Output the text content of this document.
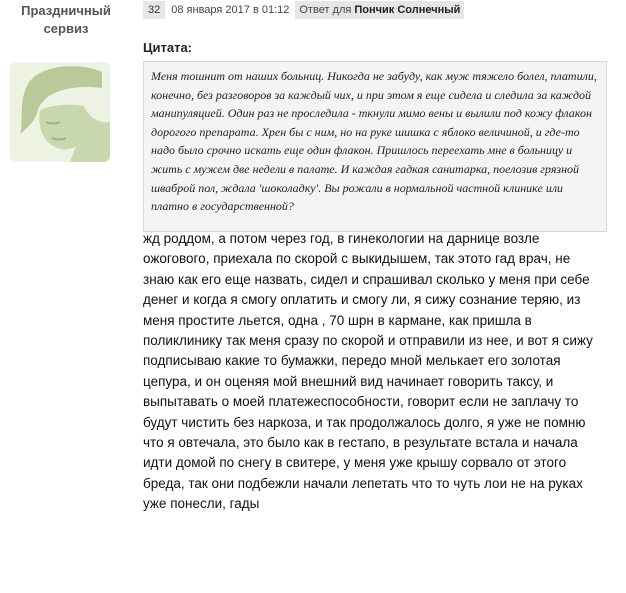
Праздничный
сервиз
32	08 января 2017 в 01:12 Ответ для Пончик Солнечный
Цитата:
Меня тошнит от наших больниц. Никогда не забуду, как муж тяжело болел, платили, конечно, без разговоров за каждый чих, и при этом я еще сидела и следила за каждой манипуляцией. Один раз не проследила - ткнули мимо вены и вылили под кожу флакон дорогого препарата. Хрен бы с ним, но на руке шишка с яблоко величиной, и где-то надо было срочно искать еще один флакон. Пришлось переехать мне в больницу и жить с мужем две недели в палате. И каждая гадкая санитарка, поелозив грязной шваброй пол, ждала 'шоколадку'. Вы рожали в нормальной частной клинике или платно в государственной?
жд роддом, а потом через год, в гинекологии на дарнице возле ожогового, приехала по скорой с выкидышем, так этото гад врач, не знаю как его еще назвать, сидел и спрашивал сколько у меня при себе денег и когда я смогу оплатить и смогу ли, я сижу сознание теряю, из меня простите льется, одна , 70 шрн в кармане, как пришла в поликлинику так меня сразу по скорой и отправили из нее, и вот я сижу подписываю какие то бумажки, передо мной мелькает его золотая цепура, и он оценяя мой внешний вид начинает говорить таксу, и выпытавать о моей платежеспособности, говорит если не заплачу то будут чистить без наркоза, и так продолжалось долго, я уже не помню что я овтечала, это было как в гестапо, в результате встала и начала идти домой по снегу в свитере, у меня уже крышу сорвало от этого бреда, так они подбежли начали лепетать что то чуть лои не на руках уже понесли, гады
